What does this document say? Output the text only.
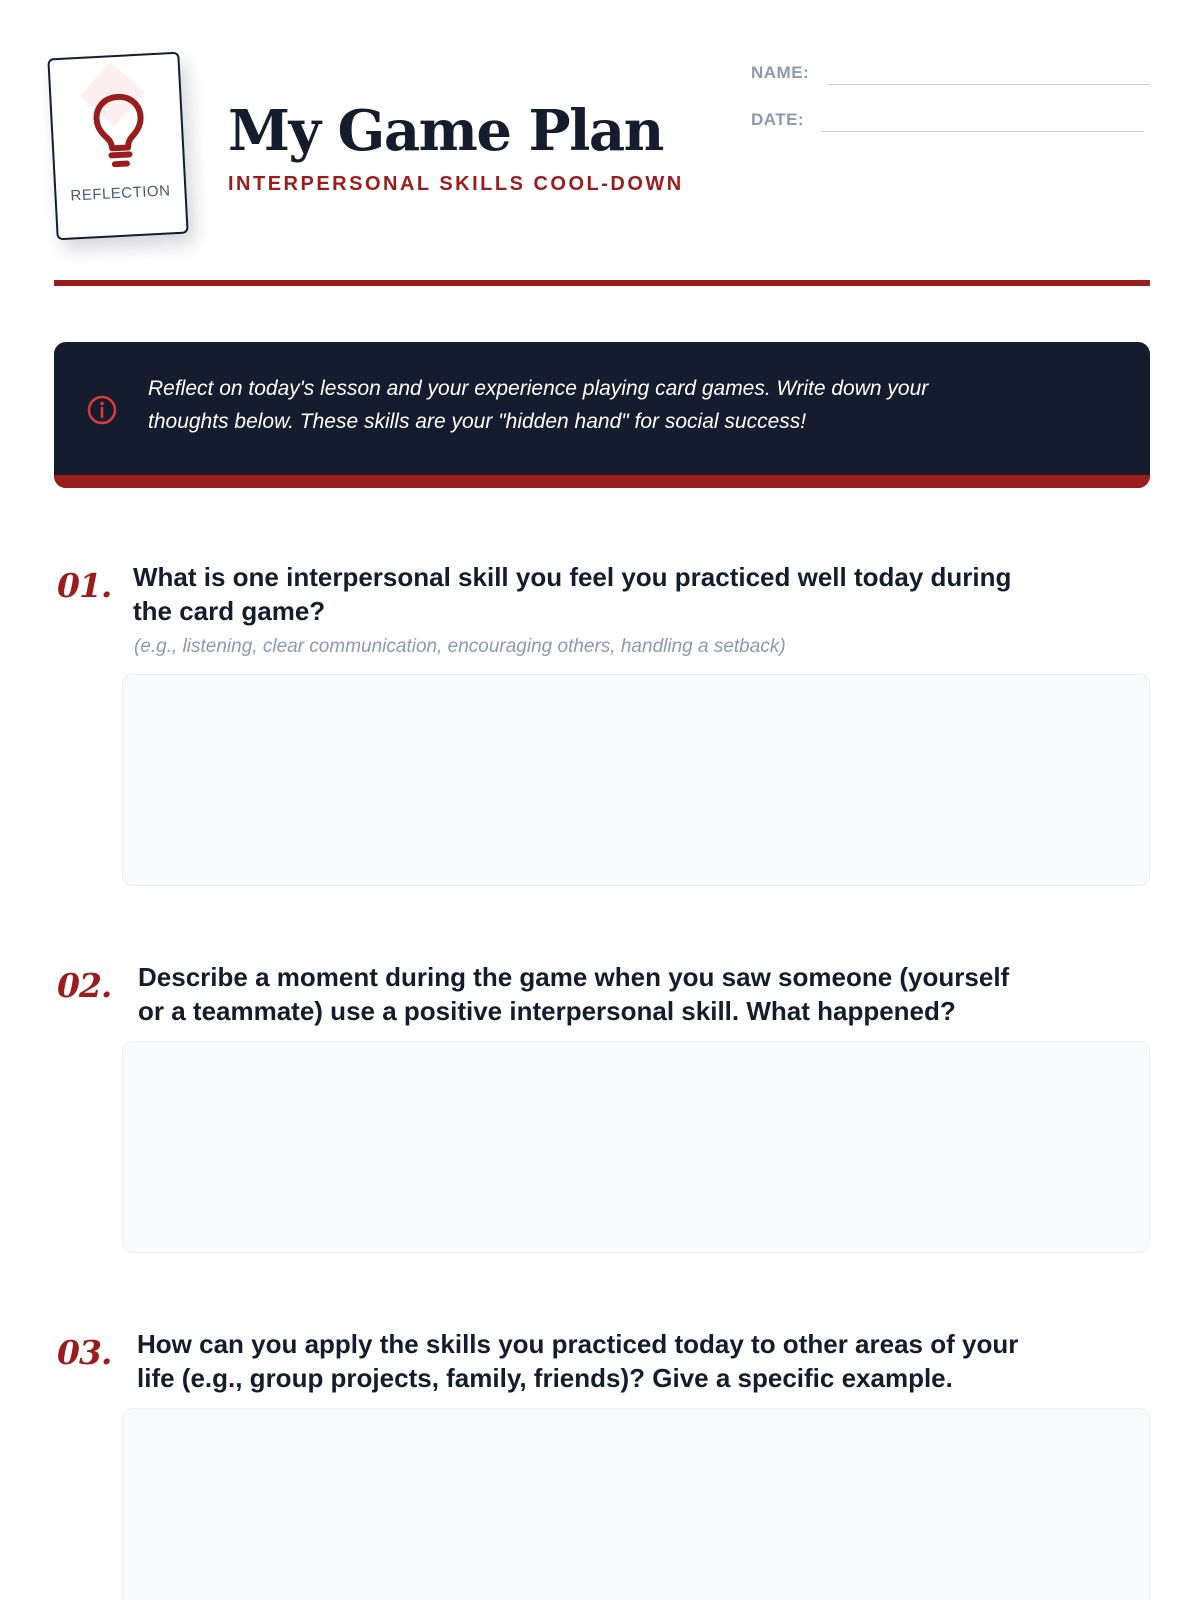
REFLECTION
My Game Plan
INTERPERSONAL SKILLS COOL-DOWN
NAME:
DATE:
Reflect on today's lesson and your experience playing card games. Write down your
thoughts below. These skills are your "hidden hand" for social success!
01. What is one interpersonal skill you feel you practiced well today during
the card game?
(e.g., listening, clear communication, encouraging others, handling a setback)
02. Describe a moment during the game when you saw someone (yourself
or a teammate) use a positive interpersonal skill. What happened?
03. How can you apply the skills you practiced today to other areas of your
life (e.g., group projects, family, friends)? Give a specific example.
